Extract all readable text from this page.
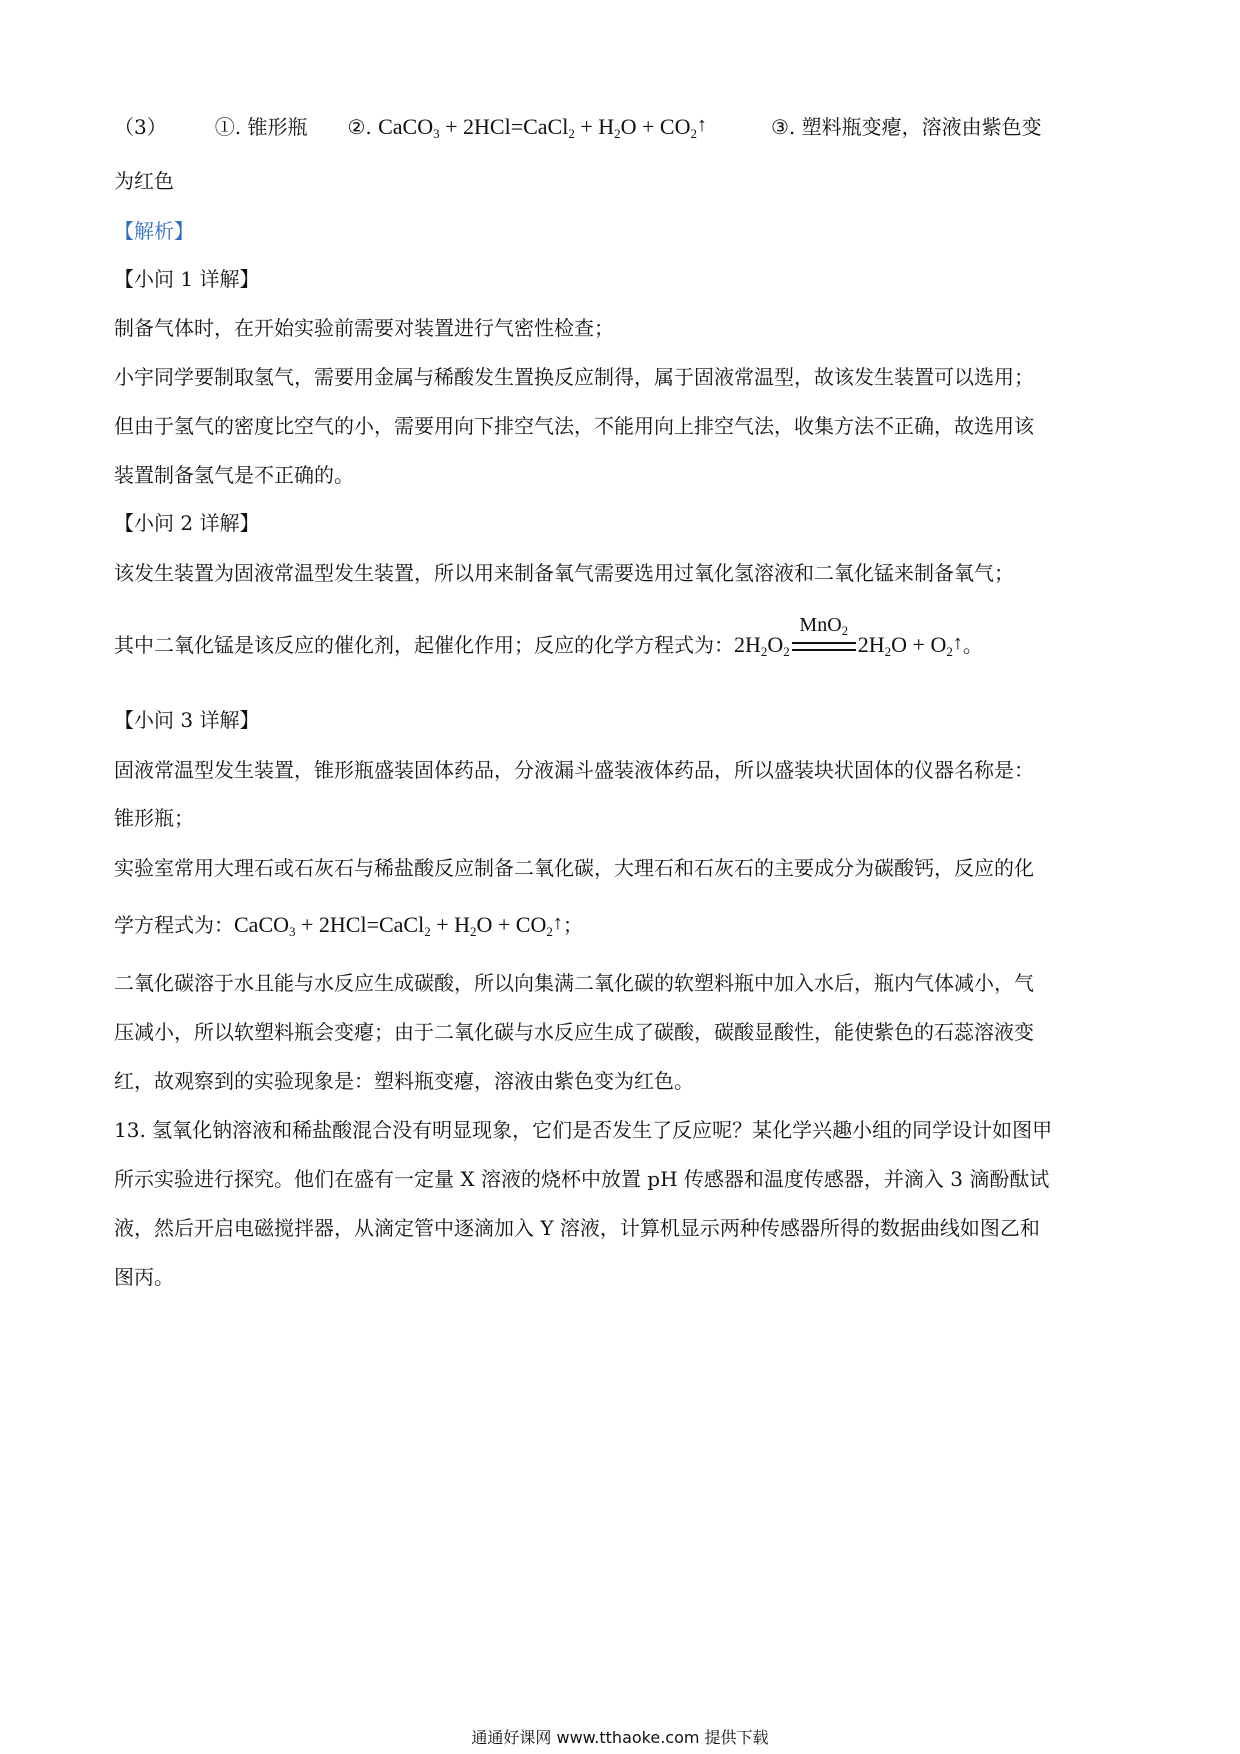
（3） ①. 锥形瓶 ②. CaCO$_3$ + 2HCl=CaCl$_2$ + $H_2O$ + $CO_2↑$	③. 塑料瓶变瘪，溶液由紫色变
为红色
【解析】
【小问 1 详解】
制备气体时，在开始实验前需要对装置进行气密性检查；
小宇同学要制取氢气，需要用金属与稀酸发生置换反应制得，属于固液常温型，故该发生装置可以选用；
但由于氢气的密度比空气的小，需要用向下排空气法，不能用向上排空气法，收集方法不正确，故选用该
装置制备氢气是不正确的。
【小问 2 详解】
该发生装置为固液常温型发生装置，所以用来制备氧气需要选用过氧化氢溶液和二氧化锰来制备氧气；
其中二氧化锰是该反应的催化剂，起催化作用；反应的化学方程式为：$2H_2O_2$
MnO$_2$
$2H_2O$ + $O_2↑$。
【小问 3 详解】
固液常温型发生装置，锥形瓶盛装固体药品，分液漏斗盛装液体药品，所以盛装块状固体的仪器名称是：
锥形瓶；
实验室常用大理石或石灰石与稀盐酸反应制备二氧化碳，大理石和石灰石的主要成分为碳酸钙，反应的化
学方程式为：CaCO$_3$ + 2HCl=CaCl$_2$ + $H_2O$ + $CO_2↑$；
二氧化碳溶于水且能与水反应生成碳酸，所以向集满二氧化碳的软塑料瓶中加入水后，瓶内气体减小，气
压减小，所以软塑料瓶会变瘪；由于二氧化碳与水反应生成了碳酸，碳酸显酸性，能使紫色的石蕊溶液变
红，故观察到的实验现象是：塑料瓶变瘪，溶液由紫色变为红色。
13. 氢氧化钠溶液和稀盐酸混合没有明显现象，它们是否发生了反应呢？某化学兴趣小组的同学设计如图甲
所示实验进行探究。他们在盛有一定量 X 溶液的烧杯中放置 pH 传感器和温度传感器，并滴入 3 滴酚酞试
液，然后开启电磁搅拌器，从滴定管中逐滴加入 Y 溶液，计算机显示两种传感器所得的数据曲线如图乙和
图丙。
通通好课网 www.tthaoke.com 提供下载
